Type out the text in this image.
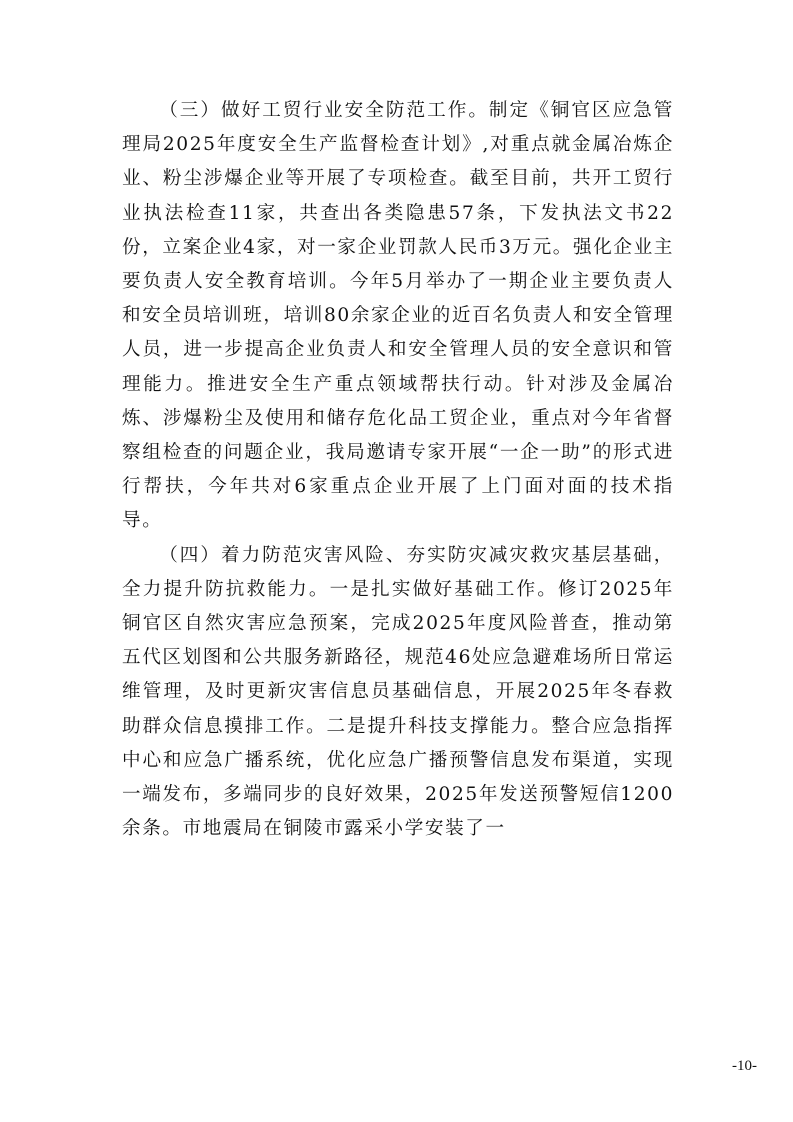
（三）做好工贸行业安全防范工作。制定《铜官区应急管理局2025年度安全生产监督检查计划》,对重点就金属冶炼企业、粉尘涉爆企业等开展了专项检查。截至目前，共开工贸行业执法检查11家，共查出各类隐患57条，下发执法文书22份，立案企业4家，对一家企业罚款人民币3万元。强化企业主要负责人安全教育培训。今年5月举办了一期企业主要负责人和安全员培训班，培训80余家企业的近百名负责人和安全管理人员，进一步提高企业负责人和安全管理人员的安全意识和管理能力。推进安全生产重点领域帮扶行动。针对涉及金属冶炼、涉爆粉尘及使用和储存危化品工贸企业，重点对今年省督察组检查的问题企业，我局邀请专家开展“一企一助”的形式进行帮扶，今年共对6家重点企业开展了上门面对面的技术指导。

（四）着力防范灾害风险、夯实防灾减灾救灾基层基础，全力提升防抗救能力。一是扎实做好基础工作。修订2025年铜官区自然灾害应急预案，完成2025年度风险普查，推动第五代区划图和公共服务新路径，规范46处应急避难场所日常运维管理，及时更新灾害信息员基础信息，开展2025年冬春救助群众信息摸排工作。二是提升科技支撑能力。整合应急指挥中心和应急广播系统，优化应急广播预警信息发布渠道，实现一端发布，多端同步的良好效果，2025年发送预警短信1200余条。市地震局在铜陵市露采小学安装了一

-10-
